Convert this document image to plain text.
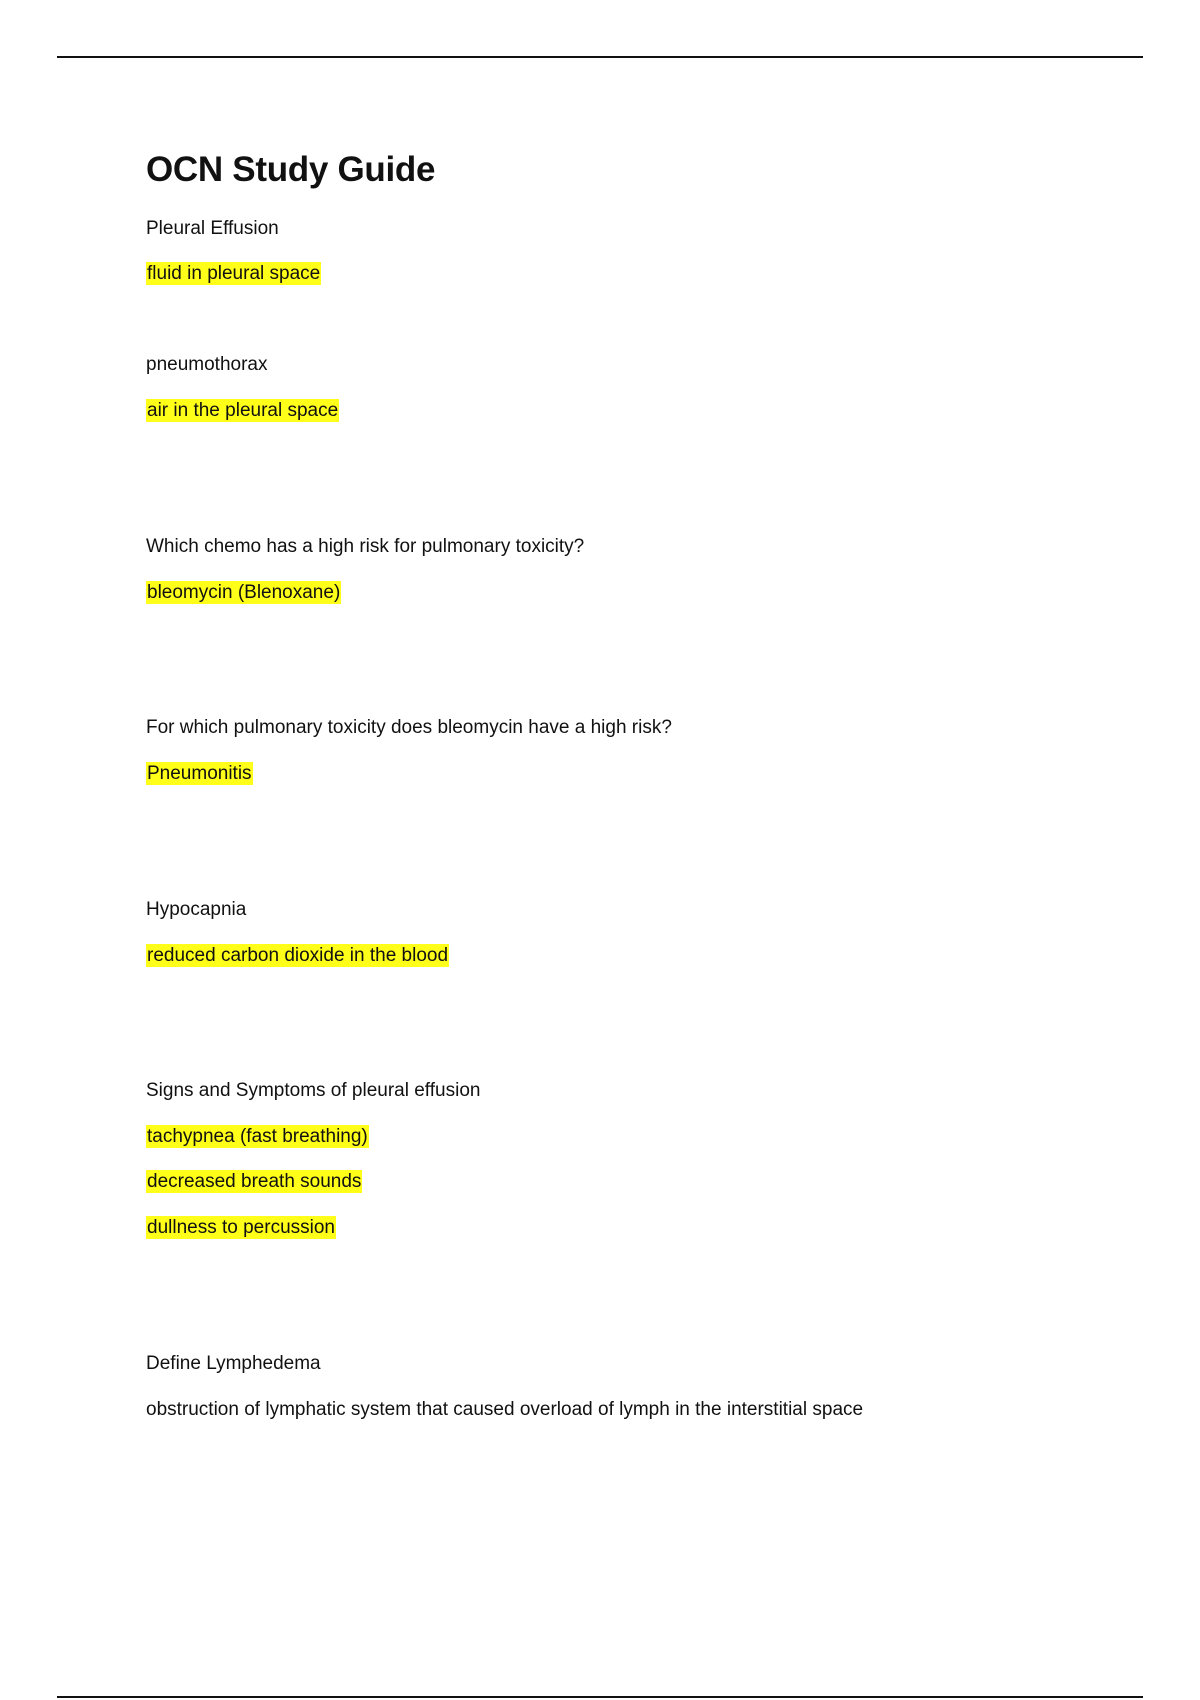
OCN Study Guide
Pleural Effusion
fluid in pleural space
pneumothorax
air in the pleural space
Which chemo has a high risk for pulmonary toxicity?
bleomycin (Blenoxane)
For which pulmonary toxicity does bleomycin have a high risk?
Pneumonitis
Hypocapnia
reduced carbon dioxide in the blood
Signs and Symptoms of pleural effusion
tachypnea (fast breathing)
decreased breath sounds
dullness to percussion
Define Lymphedema
obstruction of lymphatic system that caused overload of lymph in the interstitial space
